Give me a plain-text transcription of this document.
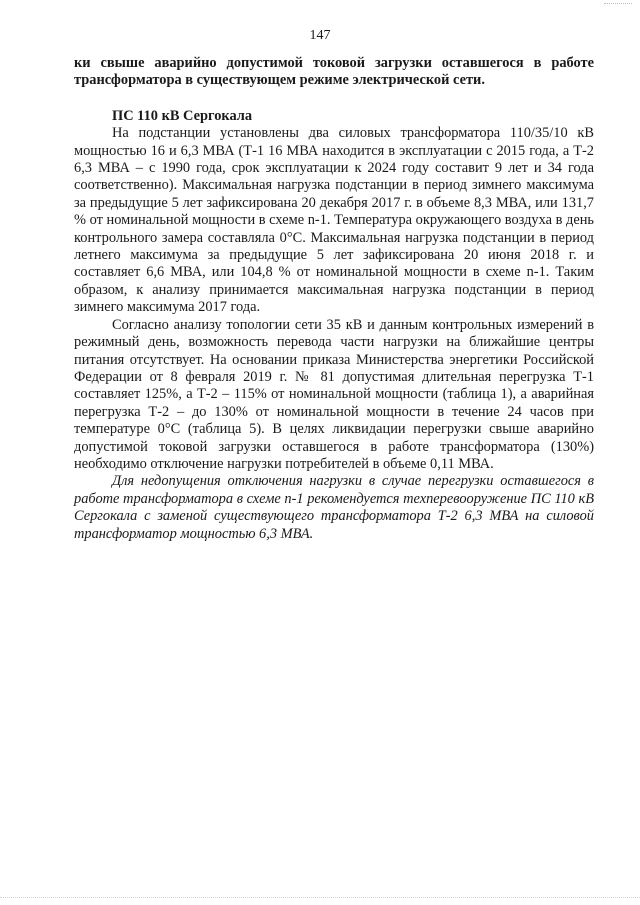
147

ки свыше аварийно допустимой токовой загрузки оставшегося в работе трансформатора в существующем режиме электрической сети.

ПС 110 кВ Сергокала

На подстанции установлены два силовых трансформатора 110/35/10 кВ мощностью 16 и 6,3 МВА (Т-1 16 МВА находится в эксплуатации с 2015 года, а Т-2 6,3 МВА – с 1990 года, срок эксплуатации к 2024 году составит 9 лет и 34 года соответственно). Максимальная нагрузка подстанции в период зимнего максимума за предыдущие 5 лет зафиксирована 20 декабря 2017 г. в объеме 8,3 МВА, или 131,7 % от номинальной мощности в схеме n-1. Температура окружающего воздуха в день контрольного замера составляла 0°С. Максимальная нагрузка подстанции в период летнего максимума за предыдущие 5 лет зафиксирована 20 июня 2018 г. и составляет 6,6 МВА, или 104,8 % от номинальной мощности в схеме n-1. Таким образом, к анализу принимается максимальная нагрузка подстанции в период зимнего максимума 2017 года.

Согласно анализу топологии сети 35 кВ и данным контрольных измерений в режимный день, возможность перевода части нагрузки на ближайшие центры питания отсутствует. На основании приказа Министерства энергетики Российской Федерации от 8 февраля 2019 г. № 81 допустимая длительная перегрузка Т-1 составляет 125%, а Т-2 – 115% от номинальной мощности (таблица 1), а аварийная перегрузка Т-2 – до 130% от номинальной мощности в течение 24 часов при температуре 0°С (таблица 5). В целях ликвидации перегрузки свыше аварийно допустимой токовой загрузки оставшегося в работе трансформатора (130%) необходимо отключение нагрузки потребителей в объеме 0,11 МВА.

Для недопущения отключения нагрузки в случае перегрузки оставшегося в работе трансформатора в схеме n-1 рекомендуется техперевооружение ПС 110 кВ Сергокала с заменой существующего трансформатора Т-2 6,3 МВА на силовой трансформатор мощностью 6,3 МВА.
